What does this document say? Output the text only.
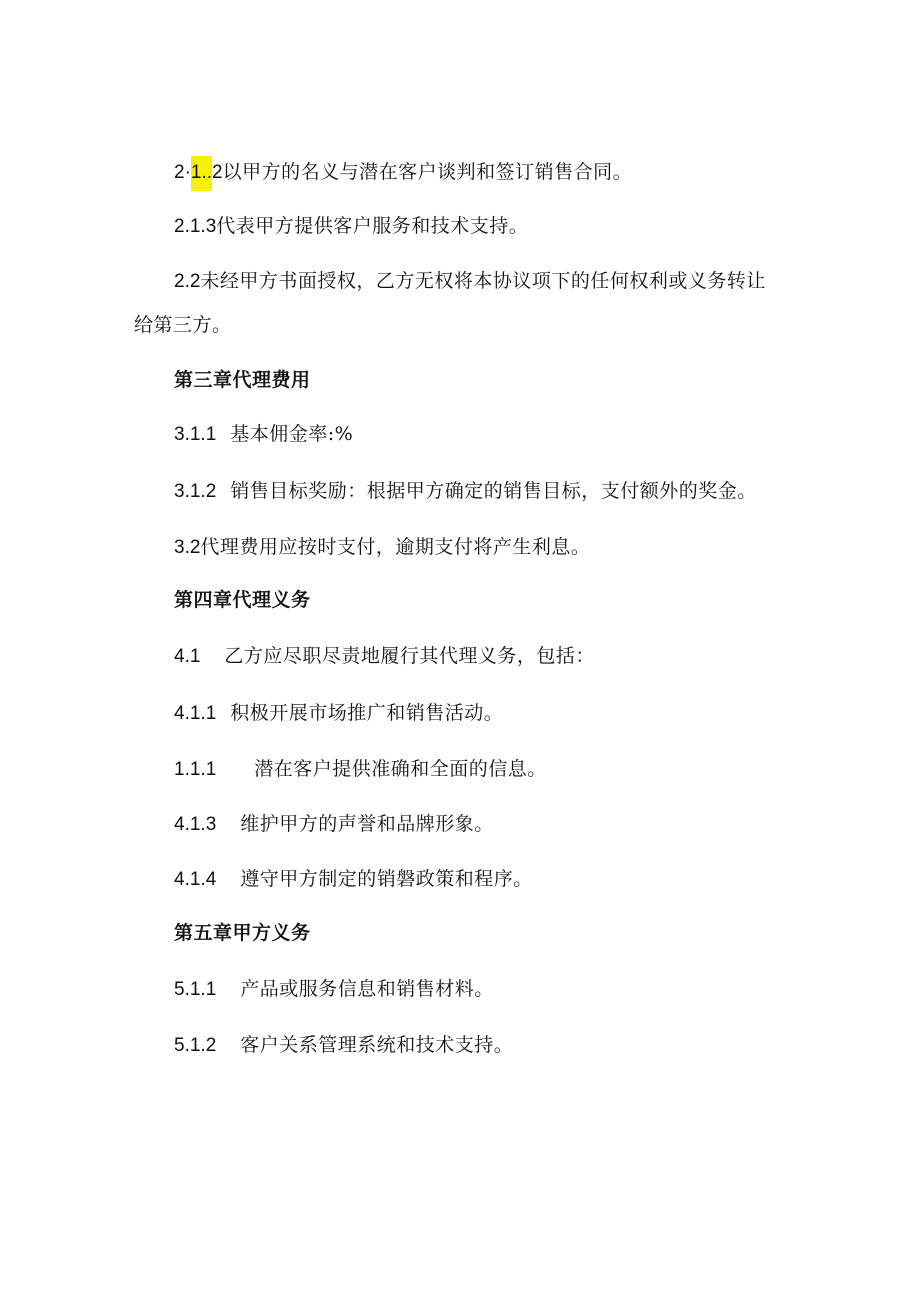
2·1..2以甲方的名义与潜在客户谈判和签订销售合同。
2.1.3代表甲方提供客户服务和技术支持。
2.2未经甲方书面授权，乙方无权将本协议项下的任何权利或义务转让
给第三方。
第三章代理费用
3.1.1 基本佣金率:%
3.1.2 销售目标奖励：根据甲方确定的销售目标，支付额外的奖金。
3.2代理费用应按时支付，逾期支付将产生利息。
第四章代理义务
4.1 乙方应尽职尽责地履行其代理义务，包括：
4.1.1 积极开展市场推广和销售活动。
1.1.1 潜在客户提供准确和全面的信息。
4.1.3 维护甲方的声誉和品牌形象。
4.1.4 遵守甲方制定的销磐政策和程序。
第五章甲方义务
5.1.1 产品或服务信息和销售材料。
5.1.2 客户关系管理系统和技术支持。
